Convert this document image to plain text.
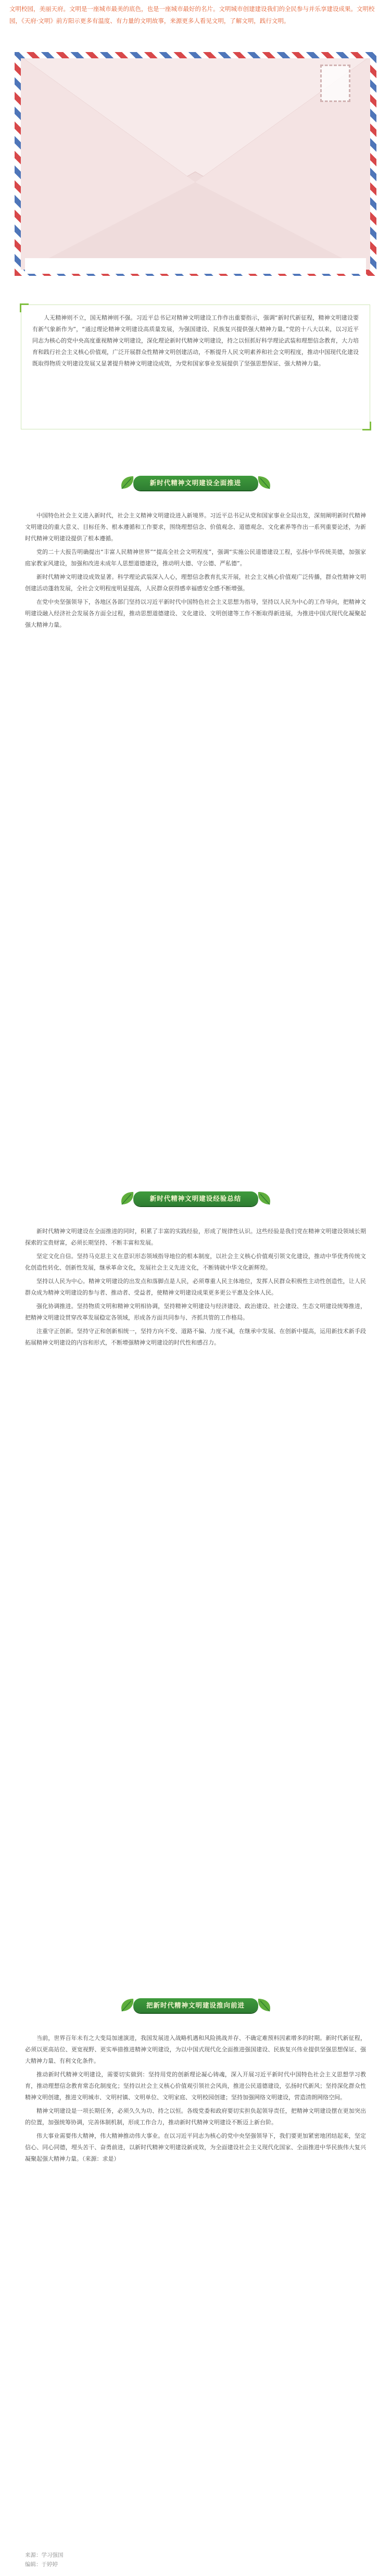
文明校园，美丽天府。文明是一座城市最美的底色，也是一座城市最好的名片。文明城市创建建设我们的全民参与并乐享建设成果。文明校园，《天府·文明》前方阳示更多有温度、有力量的文明故事，来源更多人看见文明，了解文明，践行文明。

人无精神则不立，国无精神则不强。习近平总书记对精神文明建设工作作出重要指示，强调“新时代新征程，精神文明建设要有新气象新作为”，“通过理论精神文明建设高质量发展，为强国建设、民族复兴提供强大精神力量。”党的十八大以来，以习近平同志为核心的党中央高度重视精神文明建设，深化理论新时代精神文明建设，持之以恒抓好科学理论武装和理想信念教育，大力培育和践行社会主义核心价值观，广泛开展群众性精神文明创建活动，不断提升人民文明素养和社会文明程度，推动中国现代化建设既取得物质文明建设发展又显著提升精神文明建设成效，为党和国家事业发展提供了坚强思想保证、强大精神力量。

新时代精神文明建设全面推进

中国特色社会主义进入新时代，社会主义精神文明建设进入新境界。习近平总书记从党和国家事业全局出发，深刻阐明新时代精神文明建设的重大意义、目标任务、根本遵循和工作要求，围绕理想信念、价值观念、道德观念、文化素养等作出一系列重要论述，为新时代精神文明建设提供了根本遵循。

党的二十大报告明确提出“丰富人民精神世界”“提高全社会文明程度”，强调“实施公民道德建设工程，弘扬中华传统美德，加强家庭家教家风建设，加强和改进未成年人思想道德建设，推动明大德、守公德、严私德”。

新时代精神文明建设成效显著。科学理论武装深入人心，理想信念教育扎实开展，社会主义核心价值观广泛传播，群众性精神文明创建活动蓬勃发展，全社会文明程度明显提高，人民群众获得感幸福感安全感不断增强。

在党中央坚强领导下，各地区各部门坚持以习近平新时代中国特色社会主义思想为指导，坚持以人民为中心的工作导向，把精神文明建设融入经济社会发展各方面全过程，推动思想道德建设、文化建设、文明创建等工作不断取得新进展，为推进中国式现代化凝聚起强大精神力量。

新时代精神文明建设经验总结

新时代精神文明建设在全面推进的同时，积累了丰富的实践经验，形成了规律性认识。这些经验是我们党在精神文明建设领域长期探索的宝贵财富，必须长期坚持、不断丰富和发展。

坚定文化自信。坚持马克思主义在意识形态领域指导地位的根本制度，以社会主义核心价值观引领文化建设，推动中华优秀传统文化创造性转化、创新性发展，继承革命文化，发展社会主义先进文化，不断铸就中华文化新辉煌。

坚持以人民为中心。精神文明建设的出发点和落脚点是人民，必须尊重人民主体地位，发挥人民群众积极性主动性创造性，让人民群众成为精神文明建设的参与者、推动者、受益者，使精神文明建设成果更多更公平惠及全体人民。

强化协调推进。坚持物质文明和精神文明相协调，坚持精神文明建设与经济建设、政治建设、社会建设、生态文明建设统筹推进，把精神文明建设贯穿改革发展稳定各领域，形成各方面共同参与、齐抓共管的工作格局。

注重守正创新。坚持守正和创新相统一，坚持方向不变、道路不偏、力度不减，在继承中发展、在创新中提高，运用新技术新手段拓展精神文明建设的内容和形式，不断增强精神文明建设的时代性和感召力。

把新时代精神文明建设推向前进

当前，世界百年未有之大变局加速演进，我国发展进入战略机遇和风险挑战并存、不确定难预料因素增多的时期。新时代新征程，必须以更高站位、更宽视野、更实举措推进精神文明建设，为以中国式现代化全面推进强国建设、民族复兴伟业提供坚强思想保证、强大精神力量、有利文化条件。

推动新时代精神文明建设，需要切实做到：坚持用党的创新理论凝心铸魂，深入开展习近平新时代中国特色社会主义思想学习教育，推动理想信念教育常态化制度化；坚持以社会主义核心价值观引领社会风尚，推进公民道德建设，弘扬时代新风；坚持深化群众性精神文明创建，推进文明城市、文明村镇、文明单位、文明家庭、文明校园创建；坚持加强网络文明建设，营造清朗网络空间。

精神文明建设是一项长期任务，必须久久为功、持之以恒。各级党委和政府要切实担负起领导责任，把精神文明建设摆在更加突出的位置，加强统筹协调，完善体制机制，形成工作合力，推动新时代精神文明建设不断迈上新台阶。

伟大事业需要伟大精神，伟大精神推动伟大事业。在以习近平同志为核心的党中央坚强领导下，我们要更加紧密地团结起来，坚定信心、同心同德，埋头苦干、奋勇前进，以新时代精神文明建设新成效，为全面建设社会主义现代化国家、全面推进中华民族伟大复兴凝聚起强大精神力量。（来源：求是）

来源：学习强国
编辑：于婷婷
